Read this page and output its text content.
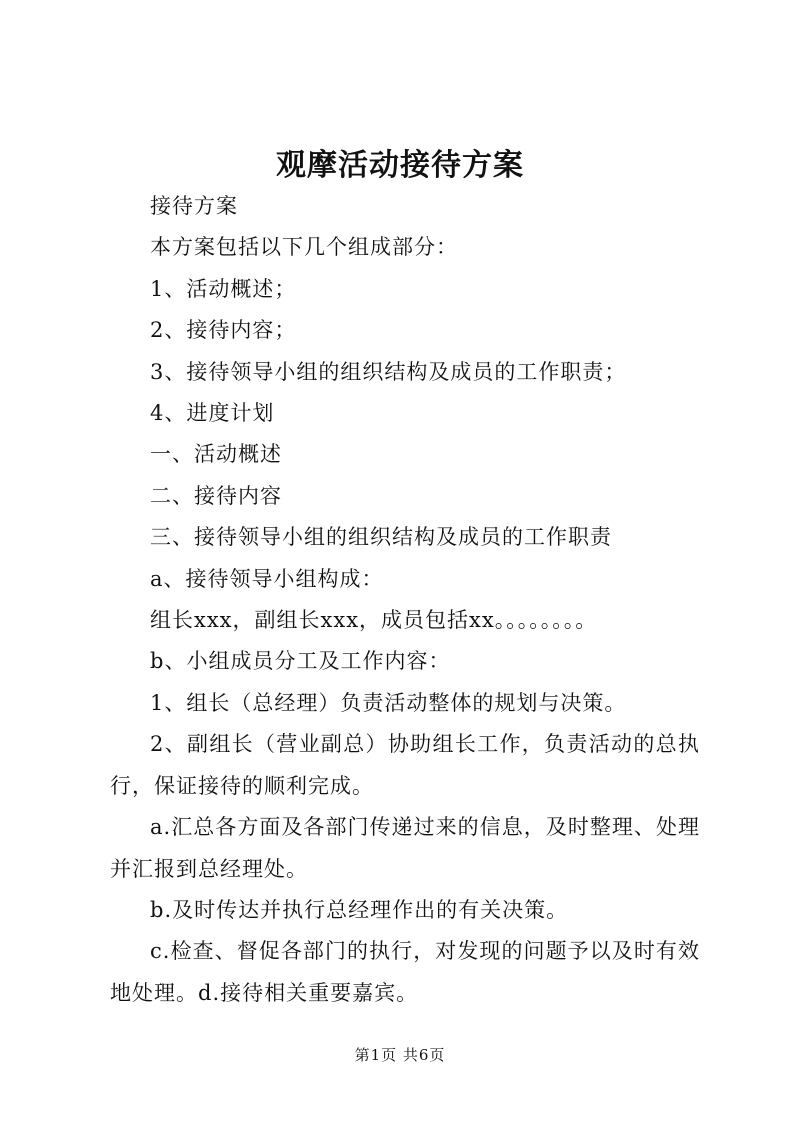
观摩活动接待方案

接待方案

本方案包括以下几个组成部分：

1、活动概述；

2、接待内容；

3、接待领导小组的组织结构及成员的工作职责；

4、进度计划

一、活动概述

二、接待内容

三、接待领导小组的组织结构及成员的工作职责

a、接待领导小组构成：

组长xxx，副组长xxx，成员包括xx。。。。。。。。

b、小组成员分工及工作内容：

1、组长（总经理）负责活动整体的规划与决策。

2、副组长（营业副总）协助组长工作，负责活动的总执行，保证接待的顺利完成。

a.汇总各方面及各部门传递过来的信息，及时整理、处理并汇报到总经理处。

b.及时传达并执行总经理作出的有关决策。

c.检查、督促各部门的执行，对发现的问题予以及时有效地处理。d.接待相关重要嘉宾。

第1页 共6页
